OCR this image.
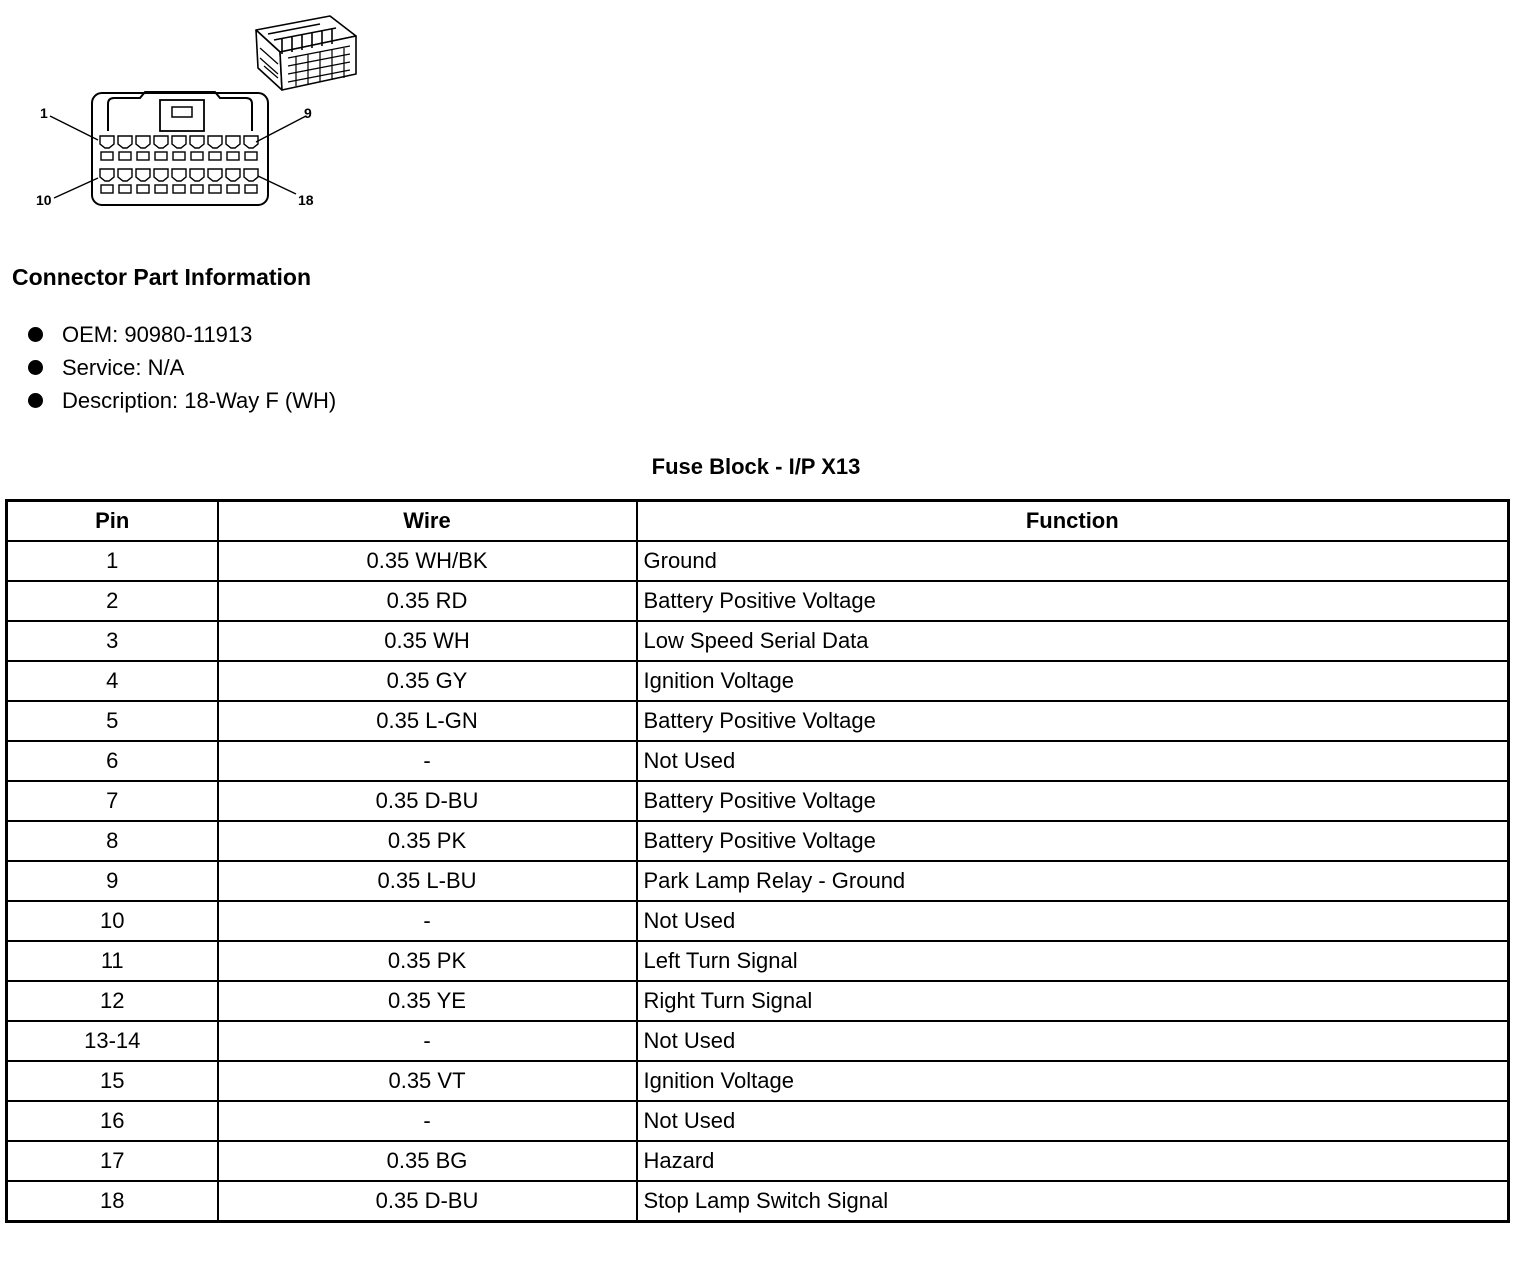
1	9
10	18
Connector Part Information
OEM: 90980-11913
Service: N/A
Description: 18-Way F (WH)
Fuse Block - I/P X13
Pin	Wire	Function
1	0.35 WH/BK	Ground
2	0.35 RD	Battery Positive Voltage
3	0.35 WH	Low Speed Serial Data
4	0.35 GY	Ignition Voltage
5	0.35 L-GN	Battery Positive Voltage
6	-	Not Used
7	0.35 D-BU	Battery Positive Voltage
8	0.35 PK	Battery Positive Voltage
9	0.35 L-BU	Park Lamp Relay - Ground
10	-	Not Used
11	0.35 PK	Left Turn Signal
12	0.35 YE	Right Turn Signal
13-14	-	Not Used
15	0.35 VT	Ignition Voltage
16	-	Not Used
17	0.35 BG	Hazard
18	0.35 D-BU	Stop Lamp Switch Signal
